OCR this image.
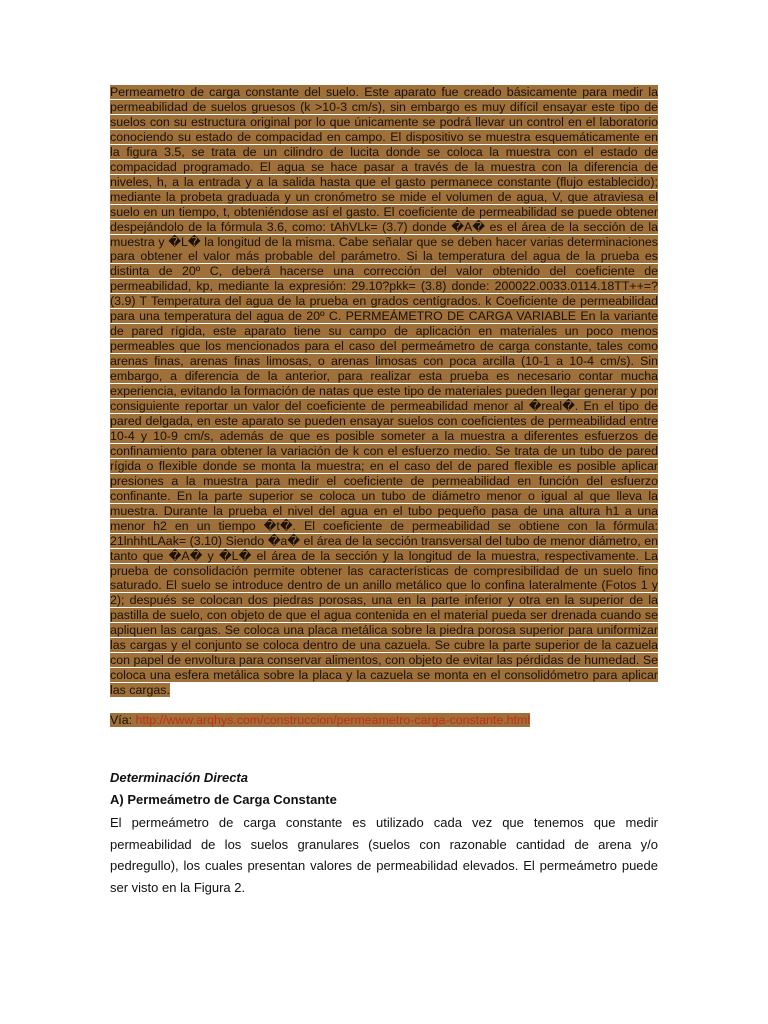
Permeametro de carga constante del suelo. Este aparato fue creado básicamente para medir la permeabilidad de suelos gruesos (k >10-3 cm/s), sin embargo es muy difícil ensayar este tipo de suelos con su estructura original por lo que únicamente se podrá llevar un control en el laboratorio conociendo su estado de compacidad en campo. El dispositivo se muestra esquemáticamente en la figura 3.5, se trata de un cilindro de lucita donde se coloca la muestra con el estado de compacidad programado. El agua se hace pasar a través de la muestra con la diferencia de niveles, h, a la entrada y a la salida hasta que el gasto permanece constante (flujo establecido); mediante la probeta graduada y un cronómetro se mide el volumen de agua, V, que atraviesa el suelo en un tiempo, t, obteniéndose así el gasto. El coeficiente de permeabilidad se puede obtener despejándolo de la fórmula 3.6, como: tAhVLk= (3.7) donde �A� es el área de la sección de la muestra y �L� la longitud de la misma. Cabe señalar que se deben hacer varias determinaciones para obtener el valor más probable del parámetro. Si la temperatura del agua de la prueba es distinta de 20º C, deberá hacerse una corrección del valor obtenido del coeficiente de permeabilidad, kp, mediante la expresión: 29.10?pkk= (3.8) donde: 200022.0033.0114.18TT++=? (3.9) T Temperatura del agua de la prueba en grados centígrados. k Coeficiente de permeabilidad para una temperatura del agua de 20º C. PERMEÁMETRO DE CARGA VARIABLE En la variante de pared rígida, este aparato tiene su campo de aplicación en materiales un poco menos permeables que los mencionados para el caso del permeámetro de carga constante, tales como arenas finas, arenas finas limosas, o arenas limosas con poca arcilla (10-1 a 10-4 cm/s). Sin embargo, a diferencia de la anterior, para realizar esta prueba es necesario contar mucha experiencia, evitando la formación de natas que este tipo de materiales pueden llegar generar y por consiguiente reportar un valor del coeficiente de permeabilidad menor al �real�. En el tipo de pared delgada, en este aparato se pueden ensayar suelos con coeficientes de permeabilidad entre 10-4 y 10-9 cm/s, además de que es posible someter a la muestra a diferentes esfuerzos de confinamiento para obtener la variación de k con el esfuerzo medio. Se trata de un tubo de pared rígida o flexible donde se monta la muestra; en el caso del de pared flexible es posible aplicar presiones a la muestra para medir el coeficiente de permeabilidad en función del esfuerzo confinante. En la parte superior se coloca un tubo de diámetro menor o igual al que lleva la muestra. Durante la prueba el nivel del agua en el tubo pequeño pasa de una altura h1 a una menor h2 en un tiempo �t�. El coeficiente de permeabilidad se obtiene con la fórmula: 21lnhhtLAak= (3.10) Siendo �a� el área de la sección transversal del tubo de menor diámetro, en tanto que �A� y �L� el área de la sección y la longitud de la muestra, respectivamente. La prueba de consolidación permite obtener las características de compresibilidad de un suelo fino saturado. El suelo se introduce dentro de un anillo metálico que lo confina lateralmente (Fotos 1 y 2); después se colocan dos piedras porosas, una en la parte inferior y otra en la superior de la pastilla de suelo, con objeto de que el agua contenida en el material pueda ser drenada cuando se apliquen las cargas. Se coloca una placa metálica sobre la piedra porosa superior para uniformizar las cargas y el conjunto se coloca dentro de una cazuela. Se cubre la parte superior de la cazuela con papel de envoltura para conservar alimentos, con objeto de evitar las pérdidas de humedad. Se coloca una esfera metálica sobre la placa y la cazuela se monta en el consolidómetro para aplicar las cargas.

Vía: http://www.arqhys.com/construccion/permeametro-carga-constante.html

Determinación Directa

A) Permeámetro de Carga Constante

El permeámetro de carga constante es utilizado cada vez que tenemos que medir permeabilidad de los suelos granulares (suelos con razonable cantidad de arena y/o pedregullo), los cuales presentan valores de permeabilidad elevados. El permeámetro puede ser visto en la Figura 2.
